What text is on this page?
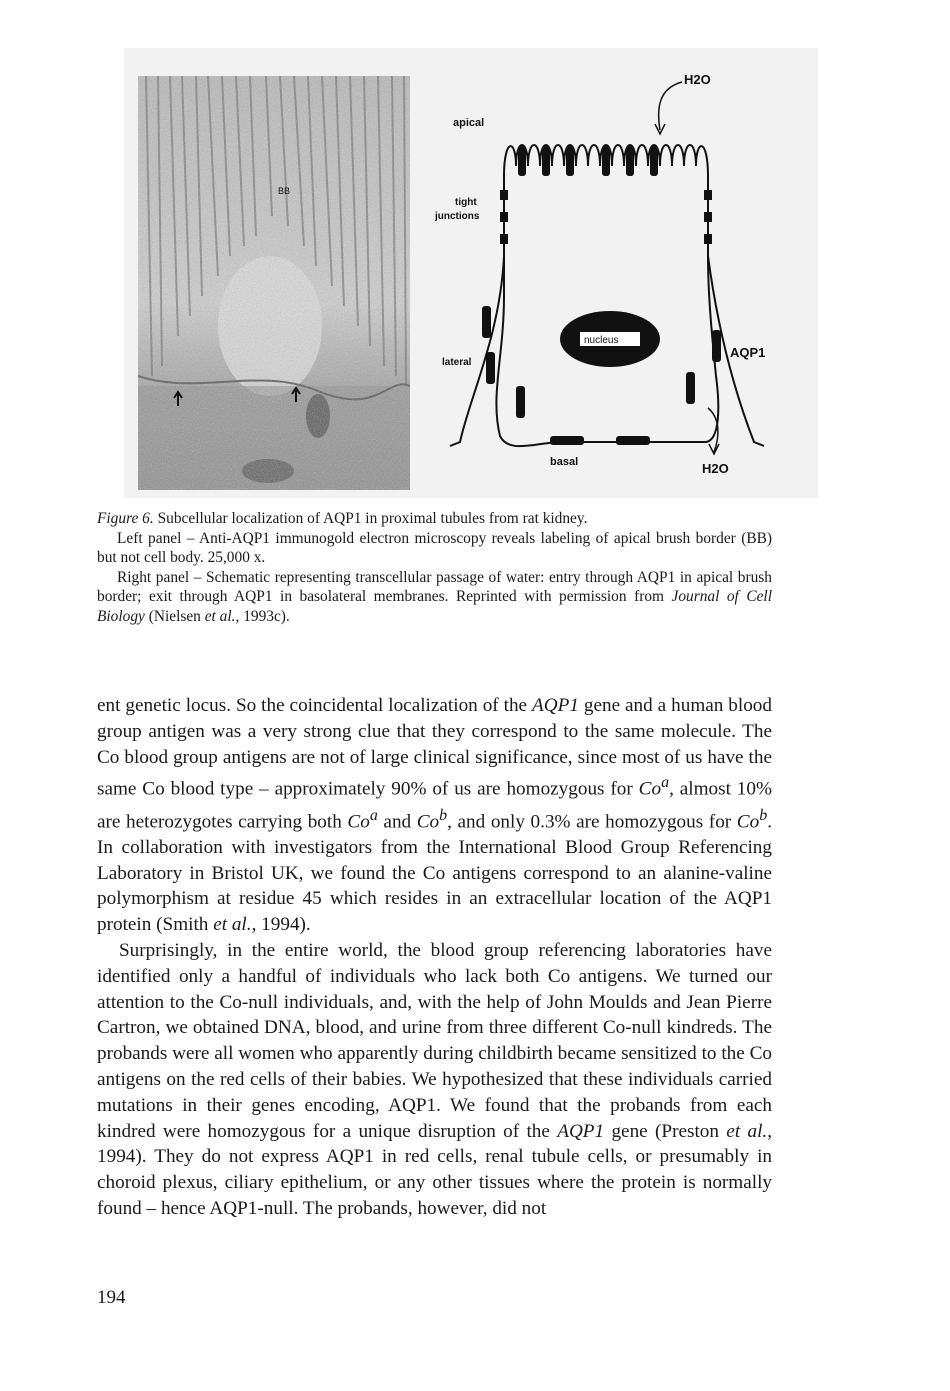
BB
H2O
apical
tight
junctions
lateral
AQP1
basal	H2O
nucleus

Figure 6. Subcellular localization of AQP1 in proximal tubules from rat kidney.

Left panel – Anti-AQP1 immunogold electron microscopy reveals labeling of apical brush border (BB) but not cell body. 25,000 x.

Right panel – Schematic representing transcellular passage of water: entry through AQP1 in apical brush border; exit through AQP1 in basolateral membranes. Reprinted with permission from Journal of Cell Biology (Nielsen et al., 1993c).

ent genetic locus. So the coincidental localization of the AQP1 gene and a human blood group antigen was a very strong clue that they correspond to the same molecule. The Co blood group antigens are not of large clinical significance, since most of us have the same Co blood type – approximately 90% of us are homozygous for Co$^a$, almost 10% are heterozygotes carrying both Co$^a$ and Co$^b$, and only 0.3% are homozygous for Co$^b$. In collaboration with investigators from the International Blood Group Referencing Laboratory in Bristol UK, we found the Co antigens correspond to an alanine-valine polymorphism at residue 45 which resides in an extracellular location of the AQP1 protein (Smith et al., 1994).

Surprisingly, in the entire world, the blood group referencing laboratories have identified only a handful of individuals who lack both Co antigens. We turned our attention to the Co-null individuals, and, with the help of John Moulds and Jean Pierre Cartron, we obtained DNA, blood, and urine from three different Co-null kindreds. The probands were all women who apparently during childbirth became sensitized to the Co antigens on the red cells of their babies. We hypothesized that these individuals carried mutations in their genes encoding, AQP1. We found that the probands from each kindred were homozygous for a unique disruption of the AQP1 gene (Preston et al., 1994). They do not express AQP1 in red cells, renal tubule cells, or presumably in choroid plexus, ciliary epithelium, or any other tissues where the protein is normally found – hence AQP1-null. The probands, however, did not

194
